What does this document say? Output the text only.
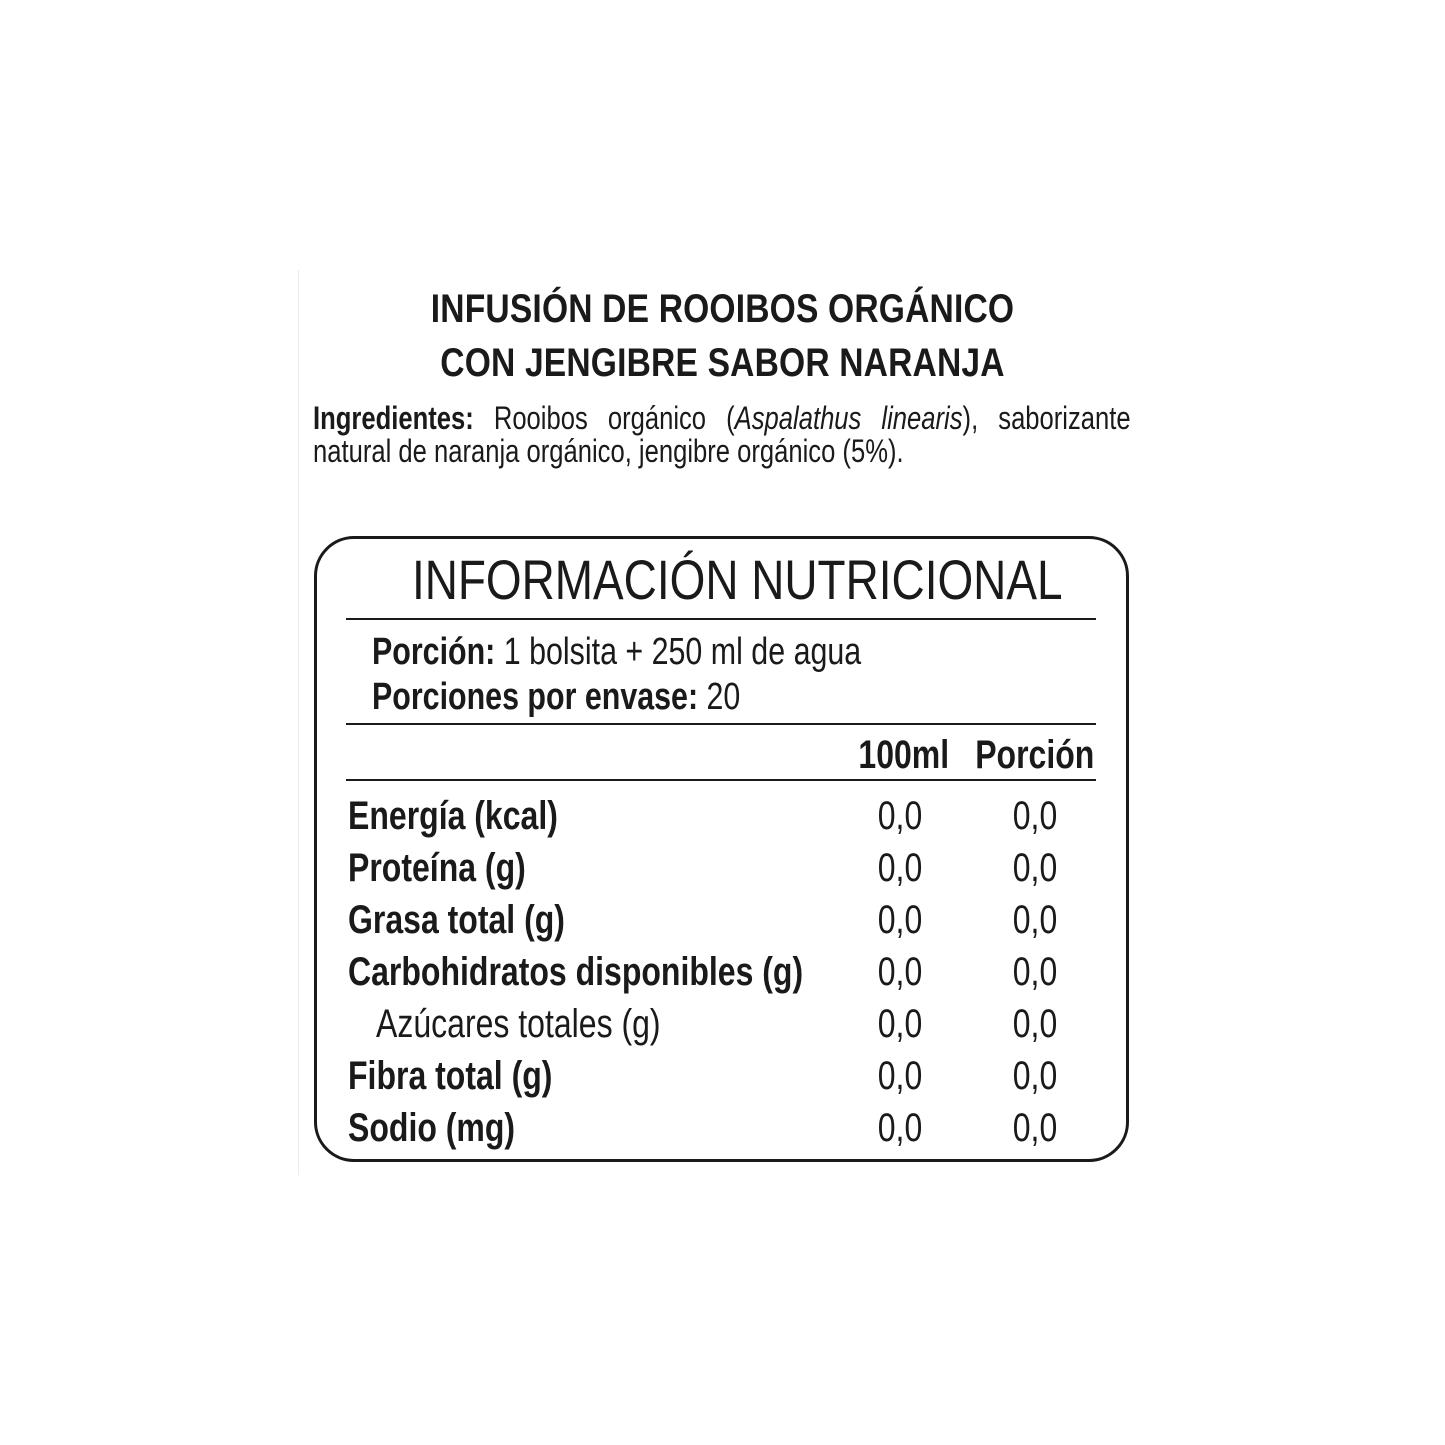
INFUSIÓN DE ROOIBOS ORGÁNICO
CON JENGIBRE SABOR NARANJA
Ingredientes: Rooibos orgánico (Aspalathus linearis), saborizante natural de naranja orgánico, jengibre orgánico (5%).
INFORMACIÓN NUTRICIONAL
Porción: 1 bolsita + 250 ml de agua
Porciones por envase: 20
100ml Porción
Energía (kcal)	0,0	0,0
Proteína (g)	0,0	0,0
Grasa total (g)	0,0	0,0
Carbohidratos disponibles (g)	0,0	0,0
Azúcares totales (g)	0,0	0,0
Fibra total (g)	0,0	0,0
Sodio (mg)	0,0	0,0
